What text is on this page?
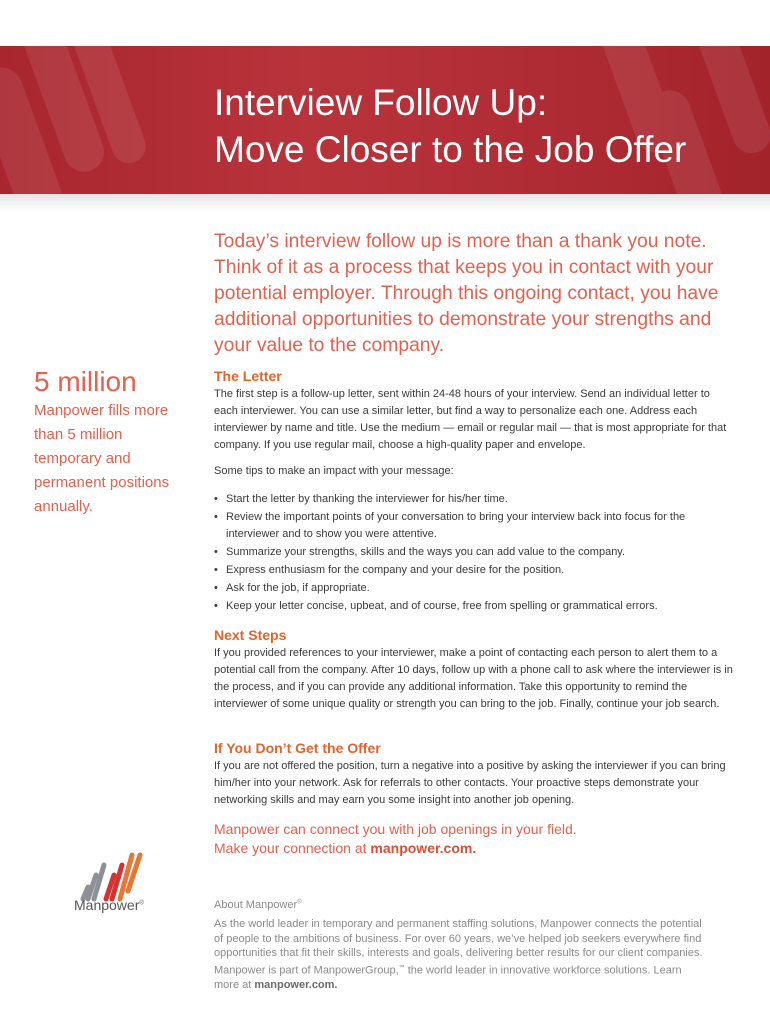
Interview Follow Up:
Move Closer to the Job Offer

Today’s interview follow up is more than a thank you note. Think of it as a process that keeps you in contact with your potential employer. Through this ongoing contact, you have additional opportunities to demonstrate your strengths and your value to the company.

5 million

Manpower fills more than 5 million temporary and permanent positions annually.

The Letter

The first step is a follow-up letter, sent within 24-48 hours of your interview. Send an individual letter to each interviewer. You can use a similar letter, but find a way to personalize each one. Address each interviewer by name and title. Use the medium — email or regular mail — that is most appropriate for that company. If you use regular mail, choose a high-quality paper and envelope.

Some tips to make an impact with your message:

• Start the letter by thanking the interviewer for his/her time.
• Review the important points of your conversation to bring your interview back into focus for the interviewer and to show you were attentive.
• Summarize your strengths, skills and the ways you can add value to the company.
• Express enthusiasm for the company and your desire for the position.
• Ask for the job, if appropriate.
• Keep your letter concise, upbeat, and of course, free from spelling or grammatical errors.
Next Steps

If you provided references to your interviewer, make a point of contacting each person to alert them to a potential call from the company. After 10 days, follow up with a phone call to ask where the interviewer is in the process, and if you can provide any additional information. Take this opportunity to remind the interviewer of some unique quality or strength you can bring to the job. Finally, continue your job search.

If You Don’t Get the Offer

If you are not offered the position, turn a negative into a positive by asking the interviewer if you can bring him/her into your network. Ask for referrals to other contacts. Your proactive steps demonstrate your networking skills and may earn you some insight into another job opening.

Manpower can connect you with job openings in your field.
Make your connection at manpower.com.

Manpower®	About Manpower®

As the world leader in temporary and permanent staffing solutions, Manpower connects the potential of people to the ambitions of business. For over 60 years, we’ve helped job seekers everywhere find opportunities that fit their skills, interests and goals, delivering better results for our client companies. Manpower is part of ManpowerGroup,™ the world leader in innovative workforce solutions. Learn more at manpower.com.
